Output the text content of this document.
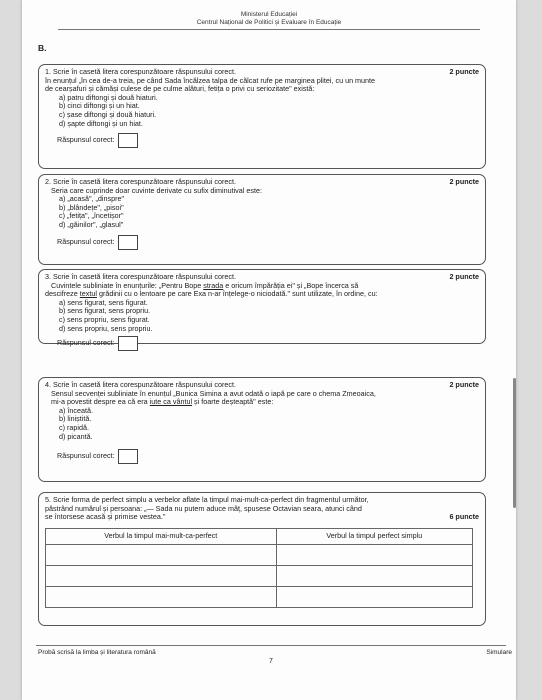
Ministerul Educației
Centrul Național de Politici și Evaluare în Educație
B.
1. Scrie în casetă litera corespunzătoare răspunsului corect.	2 puncte
În enunțul „În cea de-a treia, pe când Sada încălzea talpa de călcat rufe pe marginea plitei, cu un munte
de cearșafuri și cămăși culese de pe culme alături, fetița o privi cu seriozitate" există:
a) patru diftongi și două hiaturi.
b) cinci diftongi și un hiat.
c) șase diftongi și două hiaturi.
d) șapte diftongi și un hiat.
Răspunsul corect:
2. Scrie în casetă litera corespunzătoare răspunsului corect.	2 puncte
Seria care cuprinde doar cuvinte derivate cu sufix diminutival este:
a) „acasă", „dinspre"
b) „blândețe", „pisoi"
c) „fetița", „încetișor"
d) „găinilor", „glasul"
Răspunsul corect:
3. Scrie în casetă litera corespunzătoare răspunsului corect.	2 puncte
Cuvintele subliniate în enunțurile: „Pentru Bope strada e oricum împărăția ei" și „Bope încerca să
descifreze textul grădinii cu o lentoare pe care Exa n-ar înțelege-o niciodată." sunt utilizate, în ordine, cu:
a) sens figurat, sens figurat.
b) sens figurat, sens propriu.
c) sens propriu, sens figurat.
d) sens propriu, sens propriu.
Răspunsul corect:
4. Scrie în casetă litera corespunzătoare răspunsului corect.	2 puncte
Sensul secvenței subliniate în enunțul „Bunica Simina a avut odată o iapă pe care o chema Zmeoaica,
mi-a povestit despre ea că era iute ca vântul și foarte deșteaptă" este:
a) înceată.
b) liniștită.
c) rapidă.
d) picantă.
Răspunsul corect:
5. Scrie forma de perfect simplu a verbelor aflate la timpul mai-mult-ca-perfect din fragmentul următor,
păstrând numărul și persoana: „— Sada nu putem aduce măț, spusese Octavian seara, atunci când
se întorsese acasă și primise vestea."	6 puncte
Verbul la timpul mai-mult-ca-perfect	Verbul la timpul perfect simplu

Probă scrisă la limba și literatura română	Simulare
7
